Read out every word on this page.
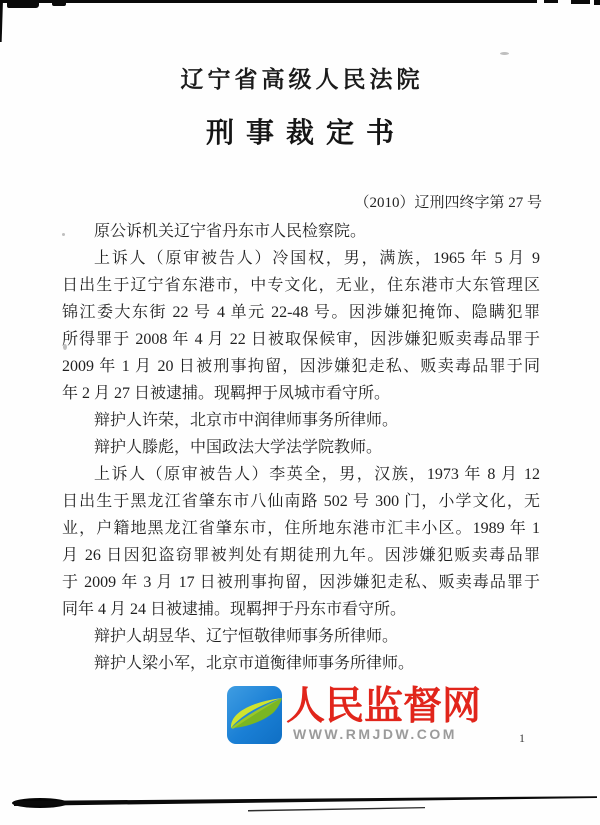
辽宁省高级人民法院
刑事裁定书
（2010）辽刑四终字第 27 号
原公诉机关辽宁省丹东市人民检察院。
上诉人（原审被告人）冷国权，男，满族，1965 年 5 月 9
日出生于辽宁省东港市，中专文化，无业，住东港市大东管理区
锦江委大东街 22 号 4 单元 22-48 号。因涉嫌犯掩饰、隐瞒犯罪
所得罪于 2008 年 4 月 22 日被取保候审，因涉嫌犯贩卖毒品罪于
2009 年 1 月 20 日被刑事拘留，因涉嫌犯走私、贩卖毒品罪于同
年 2 月 27 日被逮捕。现羁押于凤城市看守所。
辩护人许荣，北京市中润律师事务所律师。
辩护人滕彪，中国政法大学法学院教师。
上诉人（原审被告人）李英全，男，汉族，1973 年 8 月 12
日出生于黑龙江省肇东市八仙南路 502 号 300 门，小学文化，无
业，户籍地黑龙江省肇东市，住所地东港市汇丰小区。1989 年 1
月 26 日因犯盗窃罪被判处有期徒刑九年。因涉嫌犯贩卖毒品罪
于 2009 年 3 月 17 日被刑事拘留，因涉嫌犯走私、贩卖毒品罪于
同年 4 月 24 日被逮捕。现羁押于丹东市看守所。
辩护人胡昱华、辽宁恒敬律师事务所律师。
辩护人梁小军，北京市道衡律师事务所律师。
人民监督网
WWW.RMJDW.COM	1
